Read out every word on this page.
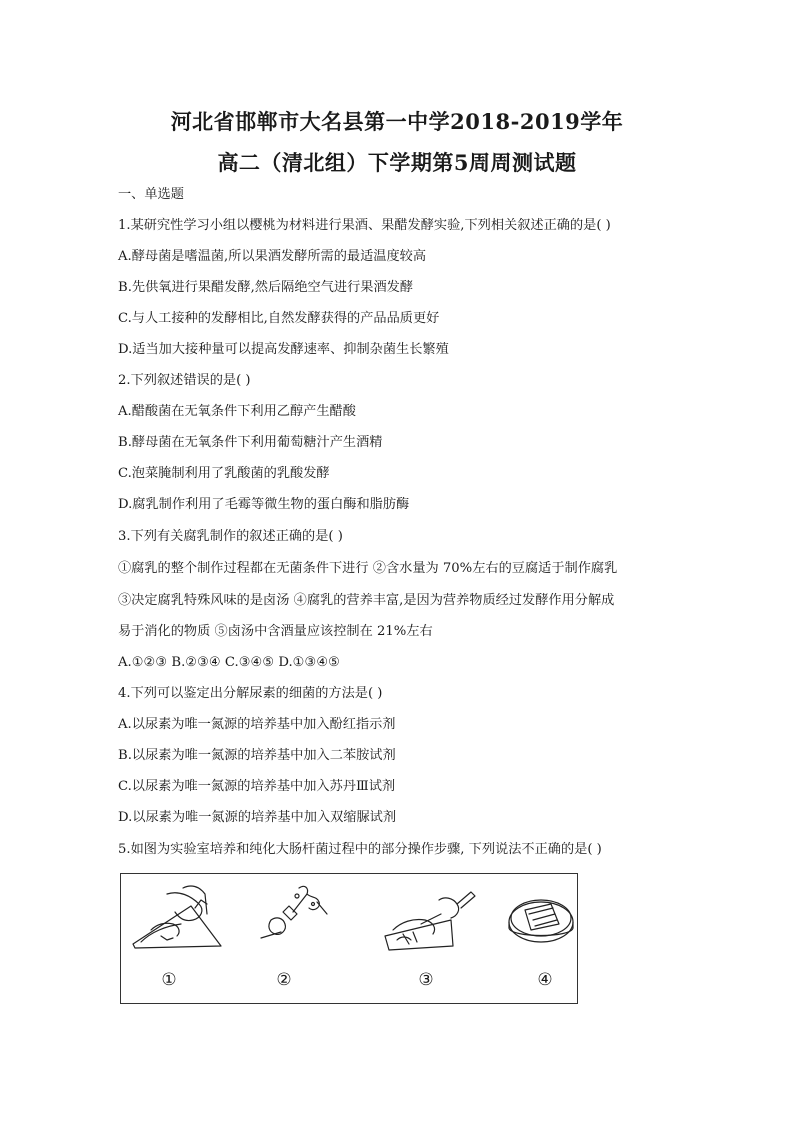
河北省邯郸市大名县第一中学2018-2019学年
高二（清北组）下学期第5周周测试题
一、单选题
1.某研究性学习小组以樱桃为材料进行果酒、果醋发酵实验,下列相关叙述正确的是( )
A.酵母菌是嗜温菌,所以果酒发酵所需的最适温度较高
B.先供氧进行果醋发酵,然后隔绝空气进行果酒发酵
C.与人工接种的发酵相比,自然发酵获得的产品品质更好
D.适当加大接种量可以提高发酵速率、抑制杂菌生长繁殖
2.下列叙述错误的是( )
A.醋酸菌在无氧条件下利用乙醇产生醋酸
B.酵母菌在无氧条件下利用葡萄糖汁产生酒精
C.泡菜腌制利用了乳酸菌的乳酸发酵
D.腐乳制作利用了毛霉等微生物的蛋白酶和脂肪酶
3.下列有关腐乳制作的叙述正确的是( )
①腐乳的整个制作过程都在无菌条件下进行 ②含水量为 70%左右的豆腐适于制作腐乳
③决定腐乳特殊风味的是卤汤 ④腐乳的营养丰富,是因为营养物质经过发酵作用分解成
易于消化的物质 ⑤卤汤中含酒量应该控制在 21%左右
A.①②③ B.②③④ C.③④⑤ D.①③④⑤
4.下列可以鉴定出分解尿素的细菌的方法是( )
A.以尿素为唯一氮源的培养基中加入酚红指示剂
B.以尿素为唯一氮源的培养基中加入二苯胺试剂
C.以尿素为唯一氮源的培养基中加入苏丹Ⅲ试剂
D.以尿素为唯一氮源的培养基中加入双缩脲试剂
5.如图为实验室培养和纯化大肠杆菌过程中的部分操作步骤, 下列说法不正确的是( )
①	②	③	④
